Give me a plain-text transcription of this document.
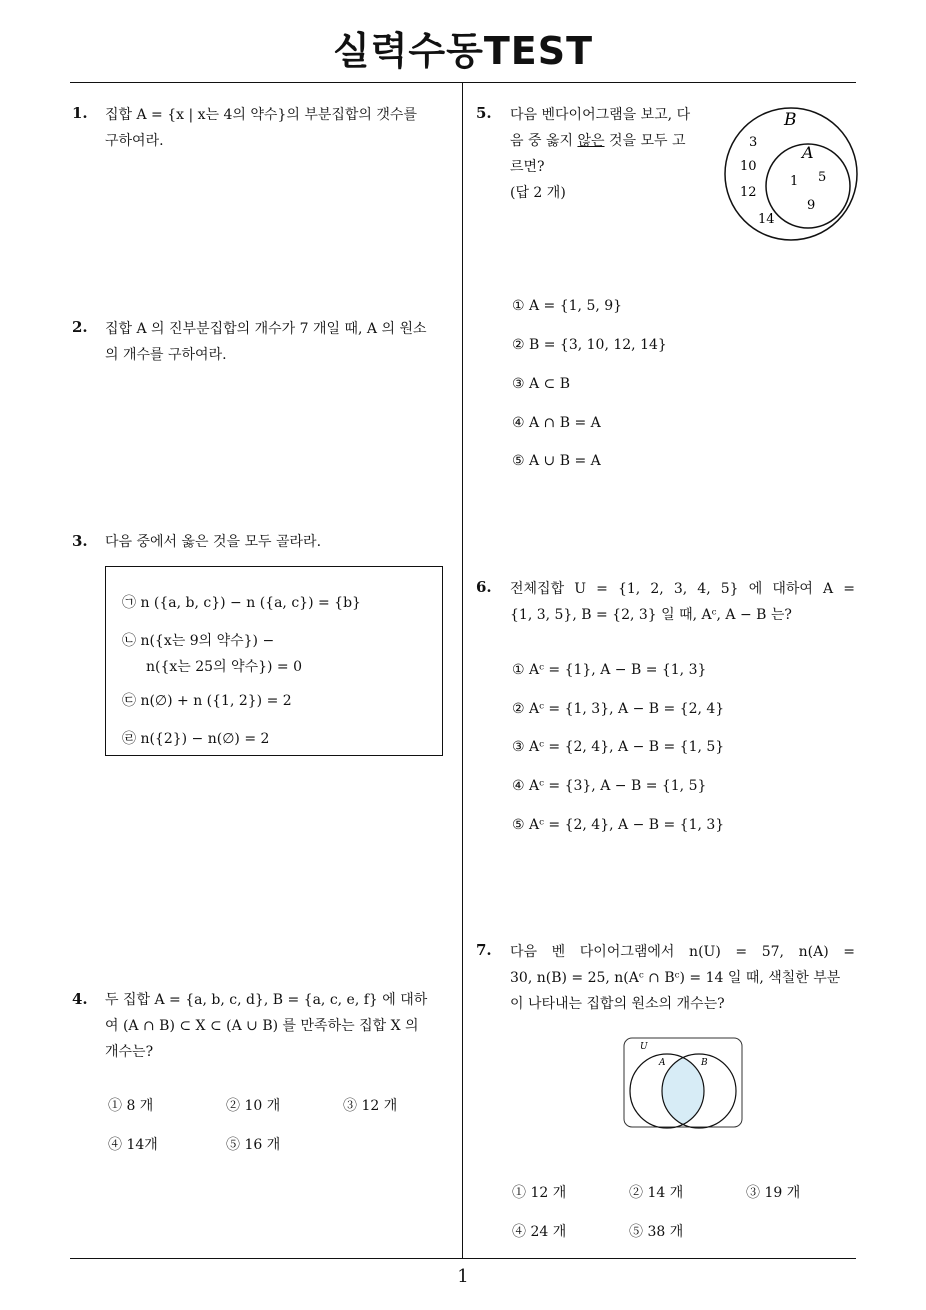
실력수동TEST
1. 집합 A = {x | x는 4의 약수}의 부분집합의 갯수를
구하여라.
2. 집합 A 의 진부분집합의 개수가 7 개일 때, A 의 원소
의 개수를 구하여라.
3. 다음 중에서 옳은 것을 모두 골라라.
㉠ n ({a, b, c}) − n ({a, c}) = {b}
㉡ n({x는 9의 약수}) −
n({x는 25의 약수}) = 0
㉢ n(∅) + n ({1, 2}) = 2
㉣ n({2}) − n(∅) = 2
4. 두 집합 A = {a, b, c, d}, B = {a, c, e, f} 에 대하
여 (A ∩ B) ⊂ X ⊂ (A ∪ B) 를 만족하는 집합 X 의
개수는?
① 8 개	② 10 개	③ 12 개
④ 14개	⑤ 16 개
5. 다음 벤다이어그램을 보고, 다
음 중 옳지 않은 것을 모두 고
르면?
(답 2 개)
B
A
3
10
12
14
1 5
9
① A = {1, 5, 9}
② B = {3, 10, 12, 14}
③ A ⊂ B
④ A ∩ B = A
⑤ A ∪ B = A
6. 전체집합 U = {1, 2, 3, 4, 5} 에 대하여 A =
{1, 3, 5}, B = {2, 3} 일 때, Aᶜ, A − B 는?
① Aᶜ = {1}, A − B = {1, 3}
② Aᶜ = {1, 3}, A − B = {2, 4}
③ Aᶜ = {2, 4}, A − B = {1, 5}
④ Aᶜ = {3}, A − B = {1, 5}
⑤ Aᶜ = {2, 4}, A − B = {1, 3}
7. 다음 벤 다이어그램에서 n(U) = 57, n(A) =
30, n(B) = 25, n(Aᶜ ∩ Bᶜ) = 14 일 때, 색칠한 부분
이 나타내는 집합의 원소의 개수는?
U
A	B
① 12 개	② 14 개	③ 19 개
④ 24 개	⑤ 38 개
1
